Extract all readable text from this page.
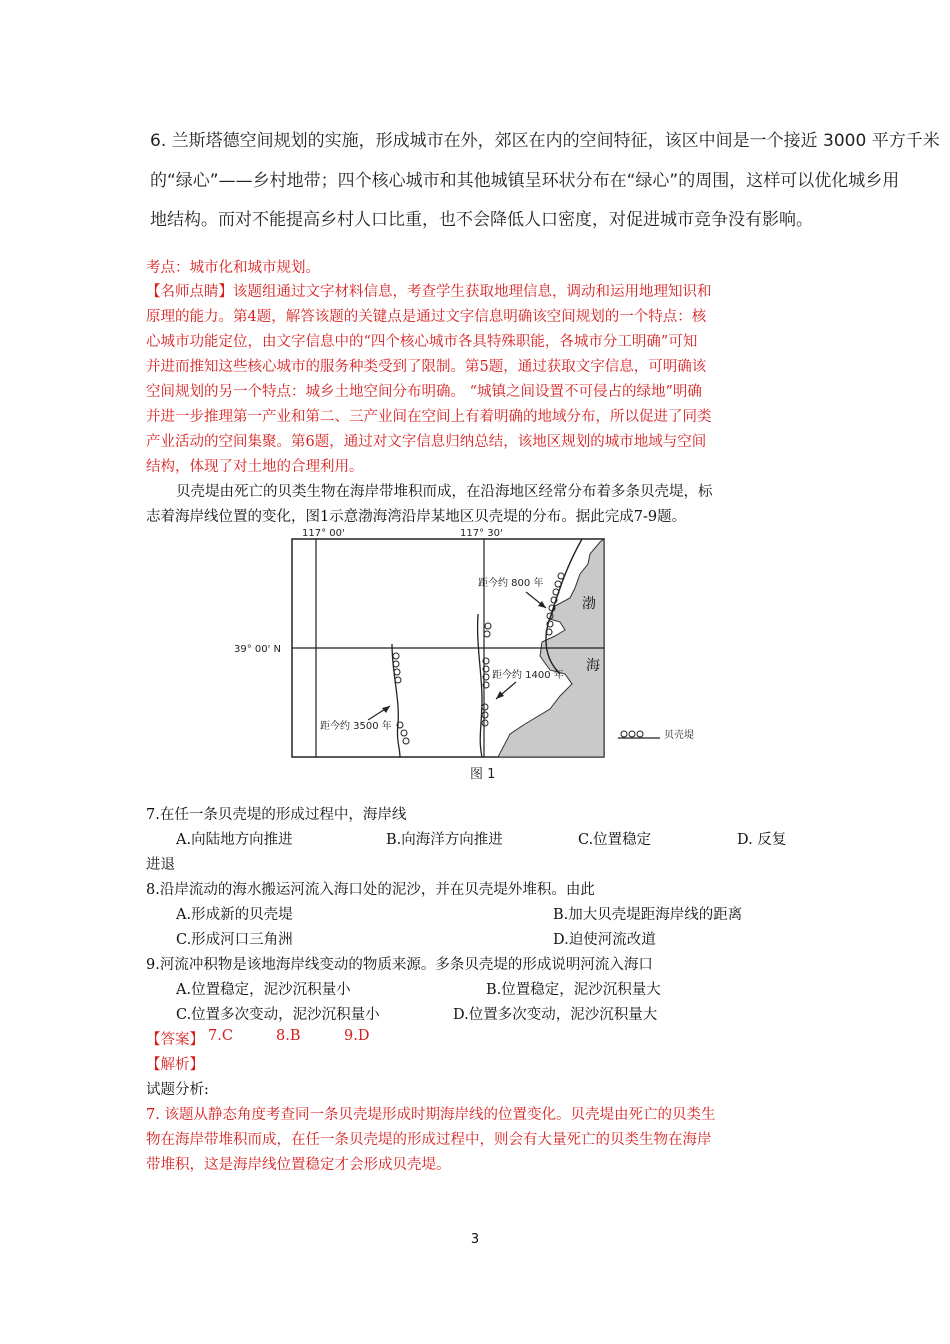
6. 兰斯塔德空间规划的实施，形成城市在外，郊区在内的空间特征，该区中间是一个接近 3000 平方千米
的“绿心”——乡村地带；四个核心城市和其他城镇呈环状分布在“绿心”的周围，这样可以优化城乡用
地结构。而对不能提高乡村人口比重，也不会降低人口密度，对促进城市竞争没有影响。
考点：城市化和城市规划。
【名师点睛】该题组通过文字材料信息，考查学生获取地理信息，调动和运用地理知识和
原理的能力。第4题，解答该题的关键点是通过文字信息明确该空间规划的一个特点：核
心城市功能定位，由文字信息中的“四个核心城市各具特殊职能，各城市分工明确”可知
并进而推知这些核心城市的服务种类受到了限制。第5题，通过获取文字信息，可明确该
空间规划的另一个特点：城乡土地空间分布明确。 “城镇之间设置不可侵占的绿地”明确
并进一步推理第一产业和第二、三产业间在空间上有着明确的地域分布，所以促进了同类
产业活动的空间集聚。第6题，通过对文字信息归纳总结，该地区规划的城市地域与空间
结构，体现了对土地的合理利用。
贝壳堤由死亡的贝类生物在海岸带堆积而成，在沿海地区经常分布着多条贝壳堤，标
志着海岸线位置的变化，图1示意渤海湾沿岸某地区贝壳堤的分布。据此完成7-9题。
117° 00'	117° 30'
39° 00' N
距今约 3500 年
距今约 1400 年
距今约 800 年
渤
海
贝壳堤
图 1
7.在任一条贝壳堤的形成过程中，海岸线
A.向陆地方向推进	B.向海洋方向推进	C.位置稳定	D. 反复
进退
8.沿岸流动的海水搬运河流入海口处的泥沙，并在贝壳堤外堆积。由此
A.形成新的贝壳堤	B.加大贝壳堤距海岸线的距离
C.形成河口三角洲	D.迫使河流改道
9.河流冲积物是该地海岸线变动的物质来源。多条贝壳堤的形成说明河流入海口
A.位置稳定，泥沙沉积量小	B.位置稳定，泥沙沉积量大
C.位置多次变动，泥沙沉积量小	D.位置多次变动，泥沙沉积量大
【答案】 7.C	8.B	9.D
【解析】
试题分析:
7. 该题从静态角度考查同一条贝壳堤形成时期海岸线的位置变化。贝壳堤由死亡的贝类生
物在海岸带堆积而成，在任一条贝壳堤的形成过程中，则会有大量死亡的贝类生物在海岸
带堆积，这是海岸线位置稳定才会形成贝壳堤。
3
